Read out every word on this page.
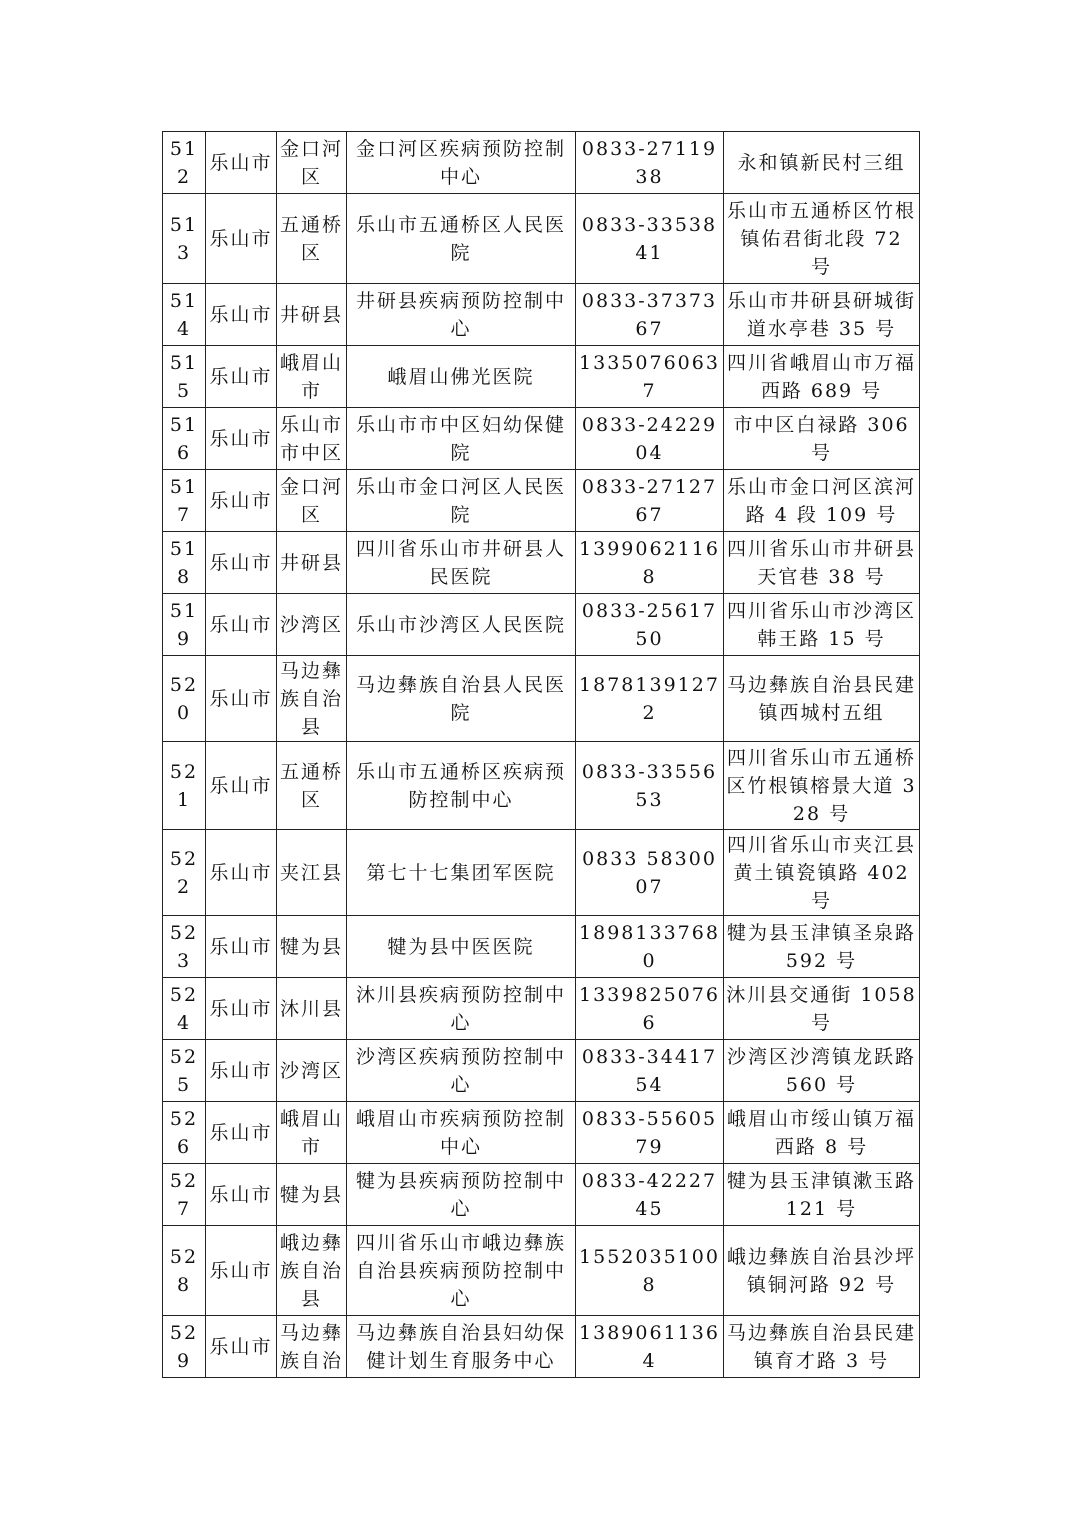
512	乐山市	金口河区	金口河区疾病预防控制中心	0833-2711938	永和镇新民村三组
513	乐山市	五通桥区	乐山市五通桥区人民医院	0833-3353841	乐山市五通桥区竹根镇佑君街北段 72 号
514	乐山市	井研县	井研县疾病预防控制中心	0833-3737367	乐山市井研县研城街道水亭巷 35 号
515	乐山市	峨眉山市	峨眉山佛光医院	13350760637	四川省峨眉山市万福西路 689 号
516	乐山市	乐山市市中区	乐山市市中区妇幼保健院	0833-2422904	市中区白禄路 306 号
517	乐山市	金口河区	乐山市金口河区人民医院	0833-2712767	乐山市金口河区滨河路 4 段 109 号
518	乐山市	井研县	四川省乐山市井研县人民医院	13990621168	四川省乐山市井研县天官巷 38 号
519	乐山市	沙湾区	乐山市沙湾区人民医院	0833-2561750	四川省乐山市沙湾区韩王路 15 号
520	乐山市	马边彝族自治县	马边彝族自治县人民医院	18781391272	马边彝族自治县民建镇西城村五组
521	乐山市	五通桥区	乐山市五通桥区疾病预防控制中心	0833-3355653	四川省乐山市五通桥区竹根镇榕景大道 328 号
522	乐山市	夹江县	第七十七集团军医院	0833 5830007	四川省乐山市夹江县黄土镇瓷镇路 402 号
523	乐山市	犍为县	犍为县中医医院	18981337680	犍为县玉津镇圣泉路 592 号
524	乐山市	沐川县	沐川县疾病预防控制中心	13398250766	沐川县交通街 1058 号
525	乐山市	沙湾区	沙湾区疾病预防控制中心	0833-3441754	沙湾区沙湾镇龙跃路 560 号
526	乐山市	峨眉山市	峨眉山市疾病预防控制中心	0833-5560579	峨眉山市绥山镇万福西路 8 号
527	乐山市	犍为县	犍为县疾病预防控制中心	0833-4222745	犍为县玉津镇漱玉路 121 号
528	乐山市	峨边彝族自治县	四川省乐山市峨边彝族自治县疾病预防控制中心	15520351008	峨边彝族自治县沙坪镇铜河路 92 号
529	乐山市	马边彝族自治	马边彝族自治县妇幼保健计划生育服务中心	13890611364	马边彝族自治县民建镇育才路 3 号
